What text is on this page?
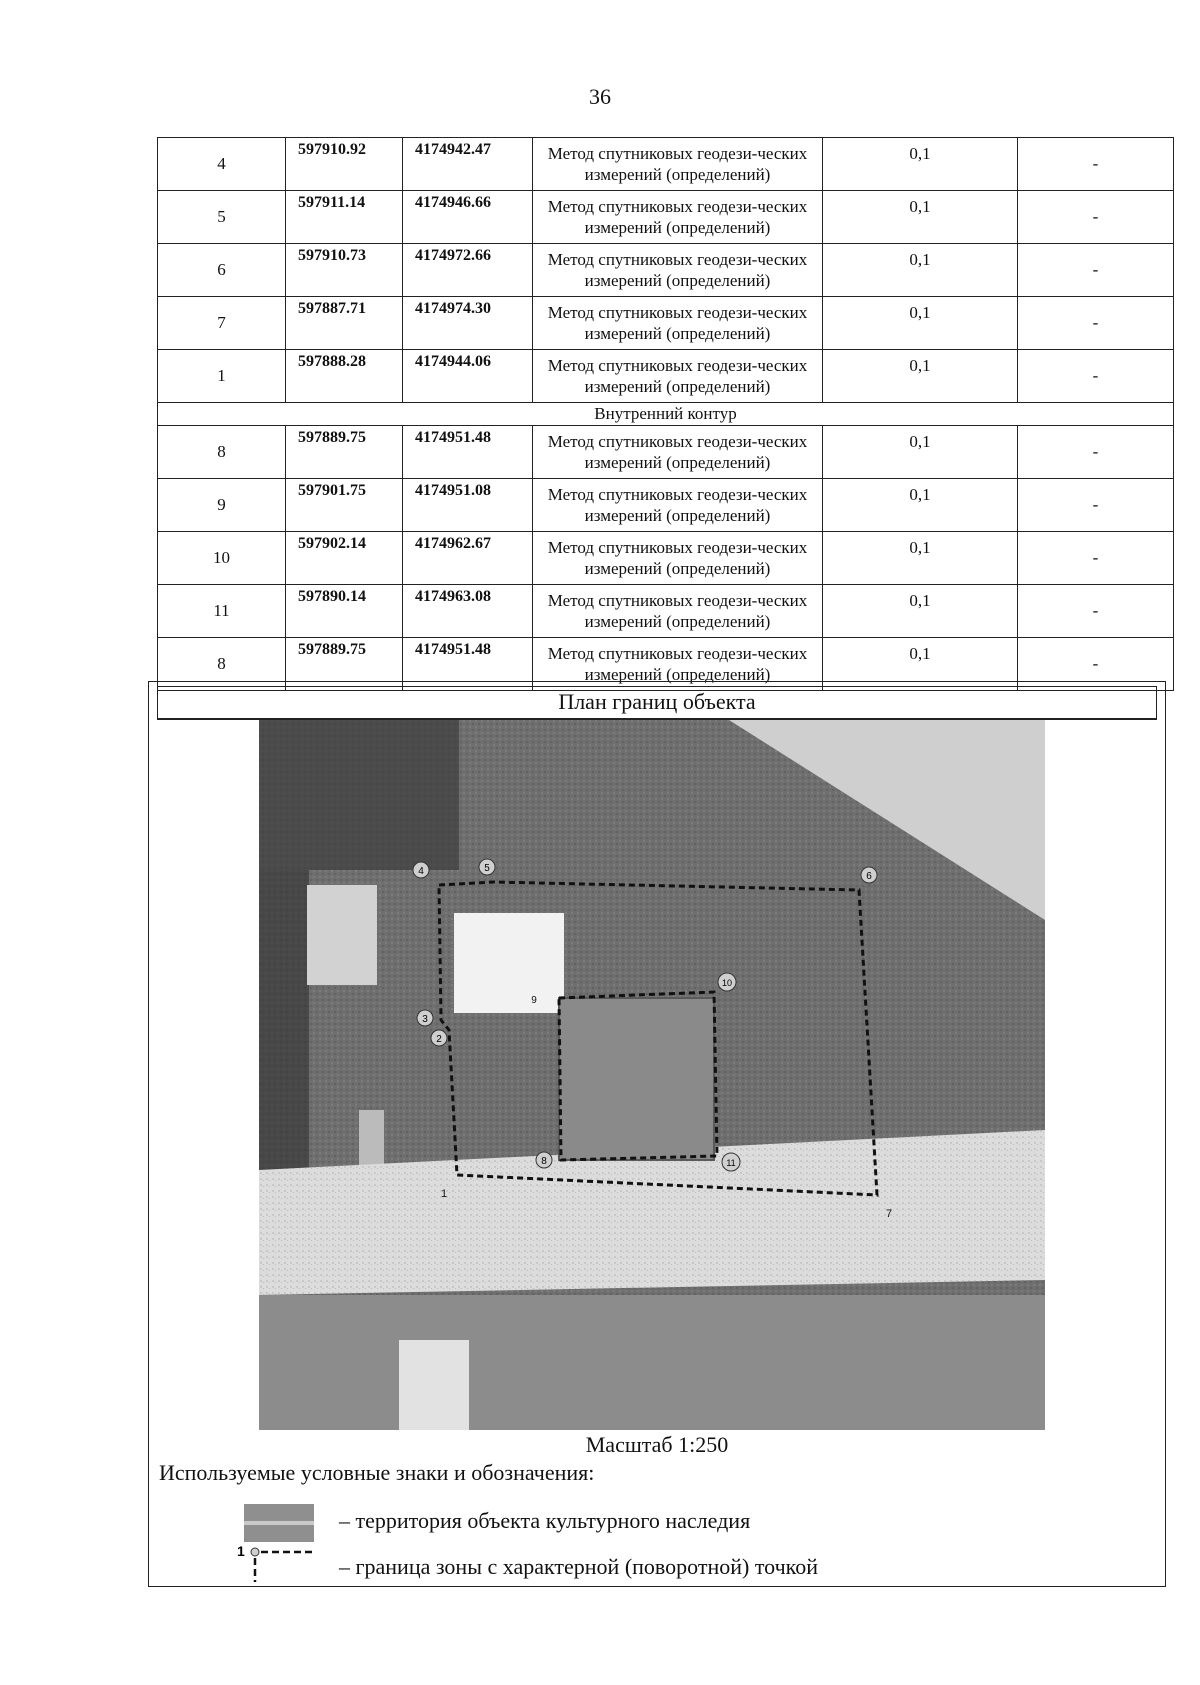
36
4	597910.92	4174942.47	Метод спутниковых геодези-ческих измерений (определений)	0,1	-
5	597911.14	4174946.66	Метод спутниковых геодези-ческих измерений (определений)	0,1	-
6	597910.73	4174972.66	Метод спутниковых геодези-ческих измерений (определений)	0,1	-
7	597887.71	4174974.30	Метод спутниковых геодези-ческих измерений (определений)	0,1	-
1	597888.28	4174944.06	Метод спутниковых геодези-ческих измерений (определений)	0,1	-
Внутренний контур					
8	597889.75	4174951.48	Метод спутниковых геодези-ческих измерений (определений)	0,1	-
9	597901.75	4174951.08	Метод спутниковых геодези-ческих измерений (определений)	0,1	-
10	597902.14	4174962.67	Метод спутниковых геодези-ческих измерений (определений)	0,1	-
11	597890.14	4174963.08	Метод спутниковых геодези-ческих измерений (определений)	0,1	-
8	597889.75	4174951.48	Метод спутниковых геодези-ческих измерений (определений)	0,1	-
План границ объекта
4	5
6
3
2
9
10
8	11
1
7
Масштаб 1:250
Используемые условные знаки и обозначения:
– территория объекта культурного наследия
1
– граница зоны с характерной (поворотной) точкой
